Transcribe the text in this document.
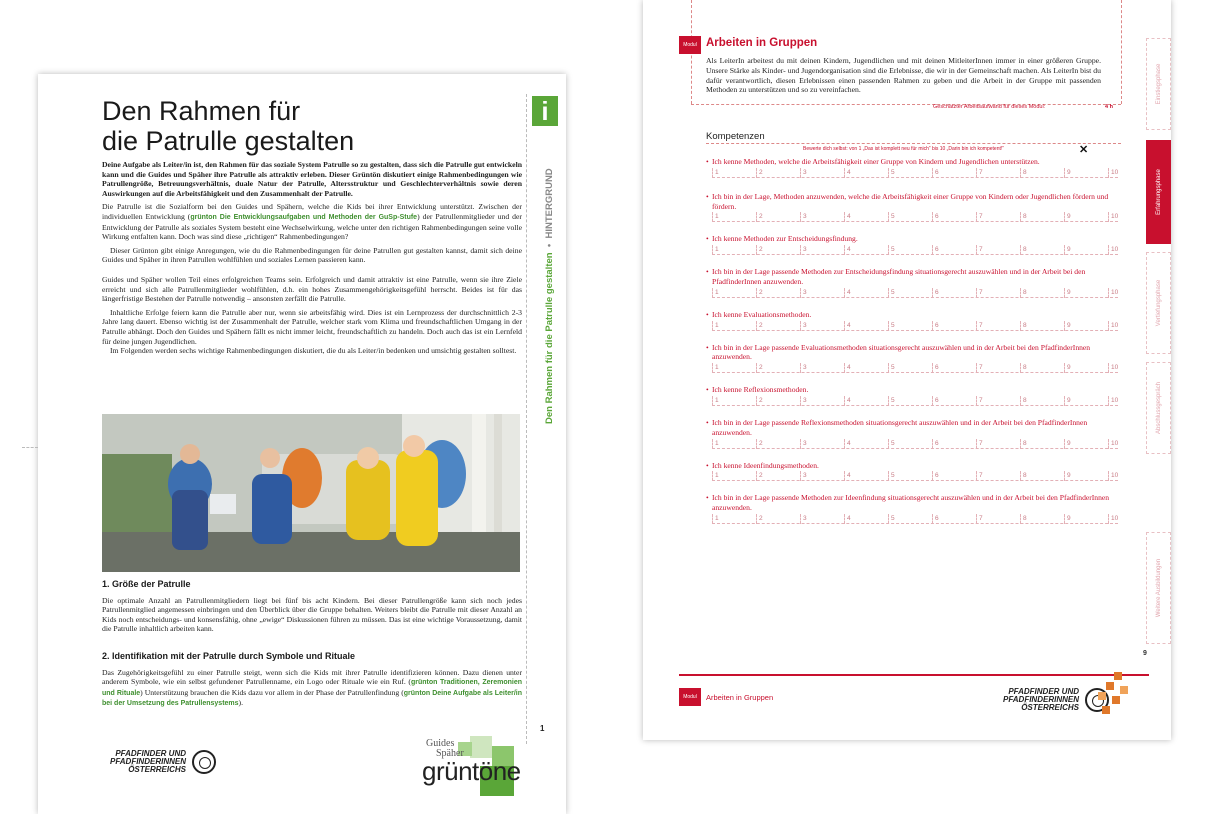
Den Rahmen für
die Patrulle gestalten
i
Den Rahmen für die Patrulle gestalten  •  HINTERGRUND

Deine Aufgabe als Leiter/in ist, den Rahmen für das soziale System Patrulle so zu gestalten, dass sich die Patrulle gut entwickeln kann und die Guides und Späher ihre Patrulle als attraktiv erleben. Dieser Grüntön diskutiert einige Rahmenbedingungen wie Patrullengröße, Betreuungsverhältnis, duale Natur der Patrulle, Altersstruktur und Geschlechterverhältnis sowie deren Auswirkungen auf die Arbeitsfähigkeit und den Zusammenhalt der Patrulle.

Die Patrulle ist die Sozialform bei den Guides und Spähern, welche die Kids bei ihrer Entwicklung unterstützt. Zwischen der individuellen Entwicklung (grünton Die Entwicklungsaufgaben und Methoden der GuSp-Stufe) der Patrullenmitglieder und der Entwicklung der Patrulle als soziales System besteht eine Wechselwirkung, welche unter den richtigen Rahmenbedingungen seine volle Wirkung entfalten kann. Doch was sind diese „richtigen“ Rahmenbedingungen?

Dieser Grünton gibt einige Anregungen, wie du die Rahmenbedingungen für deine Patrullen gut gestalten kannst, damit sich deine Guides und Späher in ihren Patrullen wohlfühlen und soziales Lernen passieren kann.

Guides und Späher wollen Teil eines erfolgreichen Teams sein. Erfolgreich und damit attraktiv ist eine Patrulle, wenn sie ihre Ziele erreicht und sich alle Patrullenmitglieder wohlfühlen, d.h. ein hohes Zusammengehörigkeitsgefühl herrscht. Beides ist für das längerfristige Bestehen der Patrulle notwendig – ansonsten zerfällt die Patrulle.

Inhaltliche Erfolge feiern kann die Patrulle aber nur, wenn sie arbeitsfähig wird. Dies ist ein Lernprozess der durchschnittlich 2-3 Jahre lang dauert. Ebenso wichtig ist der Zusammenhalt der Patrulle, welcher stark vom Klima und freundschaftlichen Umgang in der Patrulle abhängt. Doch den Guides und Spähern fällt es nicht immer leicht, freundschaftlich zu handeln. Doch auch das ist ein Lernfeld für deine jungen Jugendlichen.

Im Folgenden werden sechs wichtige Rahmenbedingungen diskutiert, die du als Leiter/in bedenken und umsichtig gestalten solltest.

1. Größe der Patrulle

Die optimale Anzahl an Patrullenmitgliedern liegt bei fünf bis acht Kindern. Bei dieser Patrullengröße kann sich noch jedes Patrullenmitglied angemessen einbringen und den Überblick über die Gruppe behalten. Weiters bleibt die Patrulle mit dieser Anzahl an Kids noch entscheidungs- und konsensfähig, ohne „ewige“ Diskussionen führen zu müssen. Das ist eine wichtige Voraussetzung, damit die Patrulle inhaltlich arbeiten kann.

2. Identifikation mit der Patrulle durch Symbole und Rituale

Das Zugehörigkeitsgefühl zu einer Patrulle steigt, wenn sich die Kids mit ihrer Patrulle identifizieren können. Dazu dienen unter anderem Symbole, wie ein selbst gefundener Patrullenname, ein Logo oder Rituale wie ein Ruf. (grünton Traditionen, Zeremonien und Rituale) Unterstützung brauchen die Kids dazu vor allem in der Phase der Patrullenfindung (grünton Deine Aufgabe als Leiter/in bei der Umsetzung des Patrullensystems).

1
PFADFINDER UND
PFADFINDERINNEN
ÖSTERREICHS
Guides
Späher
grüntöne
Modul Arbeiten in Gruppen
Als LeiterIn arbeitest du mit deinen Kindern, Jugendlichen und mit deinen MitleiterInnen immer in einer größeren Gruppe. Unsere Stärke als Kinder- und Jugendorganisation sind die Erlebnisse, die wir in der Gemeinschaft machen. Als LeiterIn bist du dafür verantwortlich, diesen Erlebnissen einen passenden Rahmen zu geben und die Arbeit in der Gruppe mit passenden Methoden zu unterstützen und so zu vereinfachen.
Geschätzter Arbeitsaufwand für dieses Modul:	4 h
Kompetenzen
Bewerte dich selbst: von 1 „Das ist komplett neu für mich“ bis 10 „Darin bin ich kompetent!“	✕
• Ich kenne Methoden, welche die Arbeitsfähigkeit einer Gruppe von Kindern und Jugendlichen unterstützen.
1	2	3	4	5	6	7	8	9	10
• Ich bin in der Lage, Methoden anzuwenden, welche die Arbeitsfähigkeit einer Gruppe von Kindern oder Jugendlichen fördern und fördern.
1	2	3	4	5	6	7	8	9	10
• Ich kenne Methoden zur Entscheidungsfindung.
1	2	3	4	5	6	7	8	9	10
• Ich bin in der Lage passende Methoden zur Entscheidungsfindung situationsgerecht auszuwählen und in der Arbeit bei den PfadfinderInnen anzuwenden.
1	2	3	4	5	6	7	8	9	10
• Ich kenne Evaluationsmethoden.
1	2	3	4	5	6	7	8	9	10
• Ich bin in der Lage passende Evaluationsmethoden situationsgerecht auszuwählen und in der Arbeit bei den PfadfinderInnen anzuwenden.
1	2	3	4	5	6	7	8	9	10
• Ich kenne Reflexionsmethoden.
1	2	3	4	5	6	7	8	9	10
• Ich bin in der Lage passende Reflexionsmethoden situationsgerecht auszuwählen und in der Arbeit bei den PfadfinderInnen anzuwenden.
1	2	3	4	5	6	7	8	9	10
• Ich kenne Ideenfindungsmethoden.
1	2	3	4	5	6	7	8	9	10
• Ich bin in der Lage passende Methoden zur Ideenfindung situationsgerecht auszuwählen und in der Arbeit bei den PfadfinderInnen anzuwenden.
1	2	3	4	5	6	7	8	9	10
Einstiegsphase
Erfahrungsphase
Vertiefungsphase
Abschlussgespräch
Weitere Ausbildungen
9
Modul	Arbeiten in Gruppen
PFADFINDER UND
PFADFINDERINNEN
ÖSTERREICHS
